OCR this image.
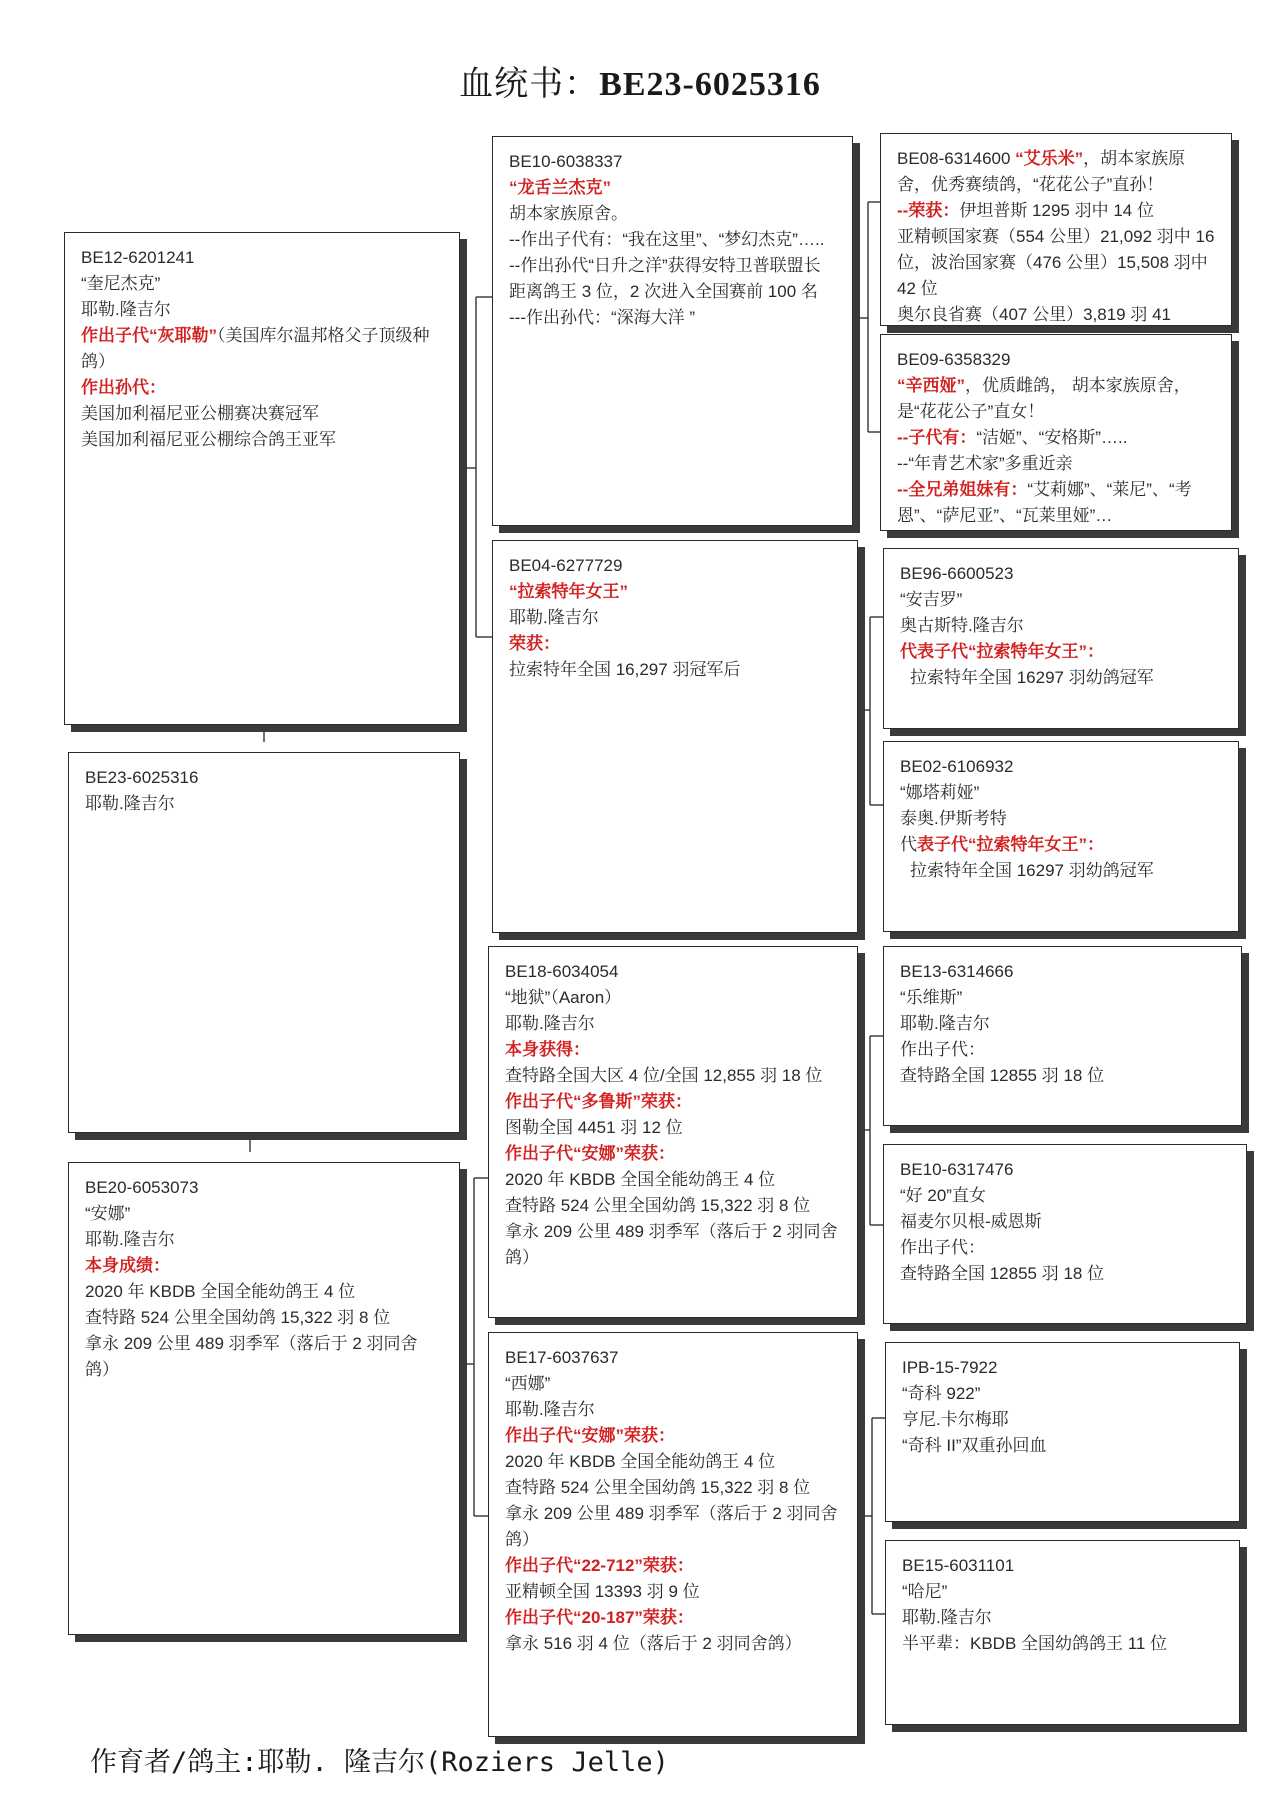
血统书：BE23-6025316
BE12-6201241
“奎尼杰克”
耶勒.隆吉尔
作出子代“灰耶勒”（美国库尔温邦格父子顶级种鸽）
作出孙代：
美国加利福尼亚公棚赛决赛冠军
美国加利福尼亚公棚综合鸽王亚军
BE23-6025316
耶勒.隆吉尔
BE20-6053073
“安娜”
耶勒.隆吉尔
本身成绩：
2020 年 KBDB 全国全能幼鸽王 4 位
查特路 524 公里全国幼鸽 15,322 羽 8 位
拿永 209 公里 489 羽季军（落后于 2 羽同舍鸽）
BE10-6038337
“龙舌兰杰克”
胡本家族原舍。
--作出子代有：“我在这里”、“梦幻杰克”…..
--作出孙代“日升之洋”获得安特卫普联盟长距离鸽王 3 位，2 次进入全国赛前 100 名
---作出孙代：“深海大洋 ”
BE04-6277729
“拉索特年女王”
耶勒.隆吉尔
荣获：
拉索特年全国 16,297 羽冠军后
BE18-6034054
“地狱”（Aaron）
耶勒.隆吉尔
本身获得：
查特路全国大区 4 位/全国 12,855 羽 18 位
作出子代“多鲁斯”荣获：
图勒全国 4451 羽 12 位
作出子代“安娜”荣获：
2020 年 KBDB 全国全能幼鸽王 4 位
查特路 524 公里全国幼鸽 15,322 羽 8 位
拿永 209 公里 489 羽季军（落后于 2 羽同舍鸽）
BE17-6037637
“西娜”
耶勒.隆吉尔
作出子代“安娜”荣获：
2020 年 KBDB 全国全能幼鸽王 4 位
查特路 524 公里全国幼鸽 15,322 羽 8 位
拿永 209 公里 489 羽季军（落后于 2 羽同舍鸽）
作出子代“22-712”荣获：
亚精顿全国 13393 羽 9 位
作出子代“20-187”荣获：
拿永 516 羽 4 位（落后于 2 羽同舍鸽）
BE08-6314600 “艾乐米”，胡本家族原舍，优秀赛绩鸽，“花花公子”直孙！
--荣获：伊坦普斯 1295 羽中 14 位
亚精顿国家赛（554 公里）21,092 羽中 16 位，波治国家赛（476 公里）15,508 羽中 42 位
奥尔良省赛（407 公里）3,819 羽 41
BE09-6358329
“辛西娅”，优质雌鸽， 胡本家族原舍，是“花花公子”直女！
--子代有：“洁姬”、“安格斯”…..
--“年青艺术家”多重近亲
--全兄弟姐妹有：“艾莉娜”、“莱尼”、“考恩”、“萨尼亚”、“瓦莱里娅”…
BE96-6600523
“安吉罗”
奥古斯特.隆吉尔
代表子代“拉索特年女王”：
拉索特年全国 16297 羽幼鸽冠军
BE02-6106932
“娜塔莉娅”
泰奥.伊斯考特
代表子代“拉索特年女王”：
拉索特年全国 16297 羽幼鸽冠军
BE13-6314666
“乐维斯”
耶勒.隆吉尔
作出子代：
查特路全国 12855 羽 18 位
BE10-6317476
“好 20”直女
福麦尔贝根-威恩斯
作出子代：
查特路全国 12855 羽 18 位
IPB-15-7922
“奇科 922”
亨尼.卡尔梅耶
“奇科 II”双重孙回血
BE15-6031101
“哈尼”
耶勒.隆吉尔
半平辈：KBDB 全国幼鸽鸽王 11 位
作育者/鸽主:耶勒. 隆吉尔(Roziers Jelle)
